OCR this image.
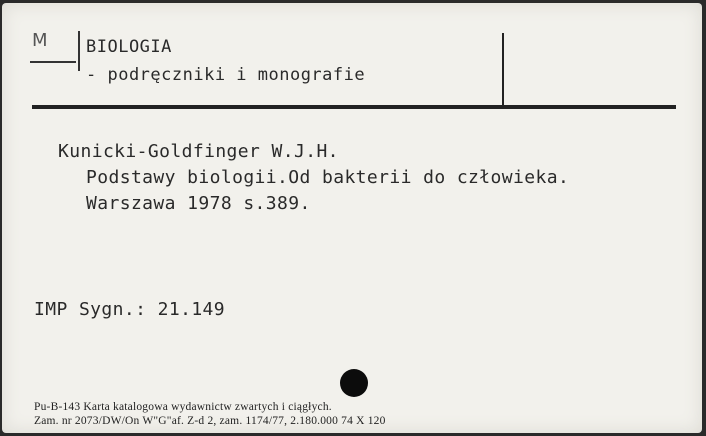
M	BIOLOGIA
- podręczniki i monografie
Kunicki-Goldfinger W.J.H.
Podstawy biologii.Od bakterii do człowieka.
Warszawa 1978 s.389.
IMP Sygn.: 21.149
Pu-B-143 Karta katalogowa wydawnictw zwartych i ciągłych.
Zam. nr 2073/DW/On W"G"af. Z-d 2, zam. 1174/77, 2.180.000 74 X 120
